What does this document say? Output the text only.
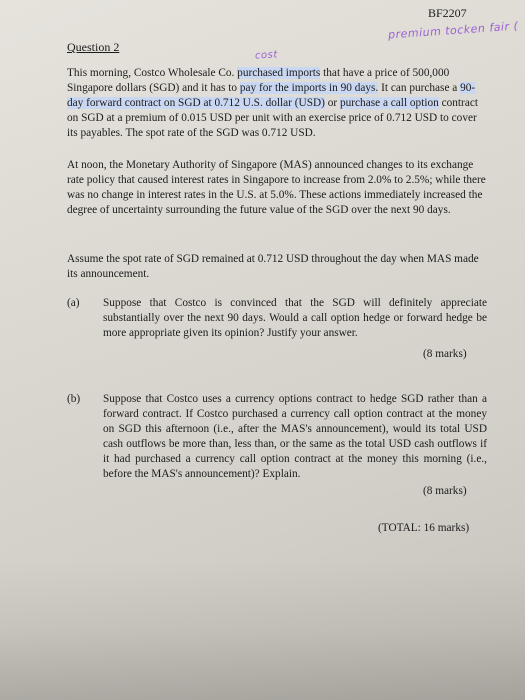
BF2207
premium tocken fair (
cost
Question 2

This morning, Costco Wholesale Co. purchased imports that have a price of 500,000 Singapore dollars (SGD) and it has to pay for the imports in 90 days. It can purchase a 90-day forward contract on SGD at 0.712 U.S. dollar (USD) or purchase a call option contract on SGD at a premium of 0.015 USD per unit with an exercise price of 0.712 USD to cover its payables. The spot rate of the SGD was 0.712 USD.

At noon, the Monetary Authority of Singapore (MAS) announced changes to its exchange rate policy that caused interest rates in Singapore to increase from 2.0% to 2.5%; while there was no change in interest rates in the U.S. at 5.0%. These actions immediately increased the degree of uncertainty surrounding the future value of the SGD over the next 90 days.

Assume the spot rate of SGD remained at 0.712 USD throughout the day when MAS made its announcement.

(a) Suppose that Costco is convinced that the SGD will definitely appreciate substantially over the next 90 days. Would a call option hedge or forward hedge be more appropriate given its opinion? Justify your answer.
(8 marks)
(b) Suppose that Costco uses a currency options contract to hedge SGD rather than a forward contract. If Costco purchased a currency call option contract at the money on SGD this afternoon (i.e., after the MAS's announcement), would its total USD cash outflows be more than, less than, or the same as the total USD cash outflows if it had purchased a currency call option contract at the money this morning (i.e., before the MAS's announcement)? Explain.
(8 marks)
(TOTAL: 16 marks)
